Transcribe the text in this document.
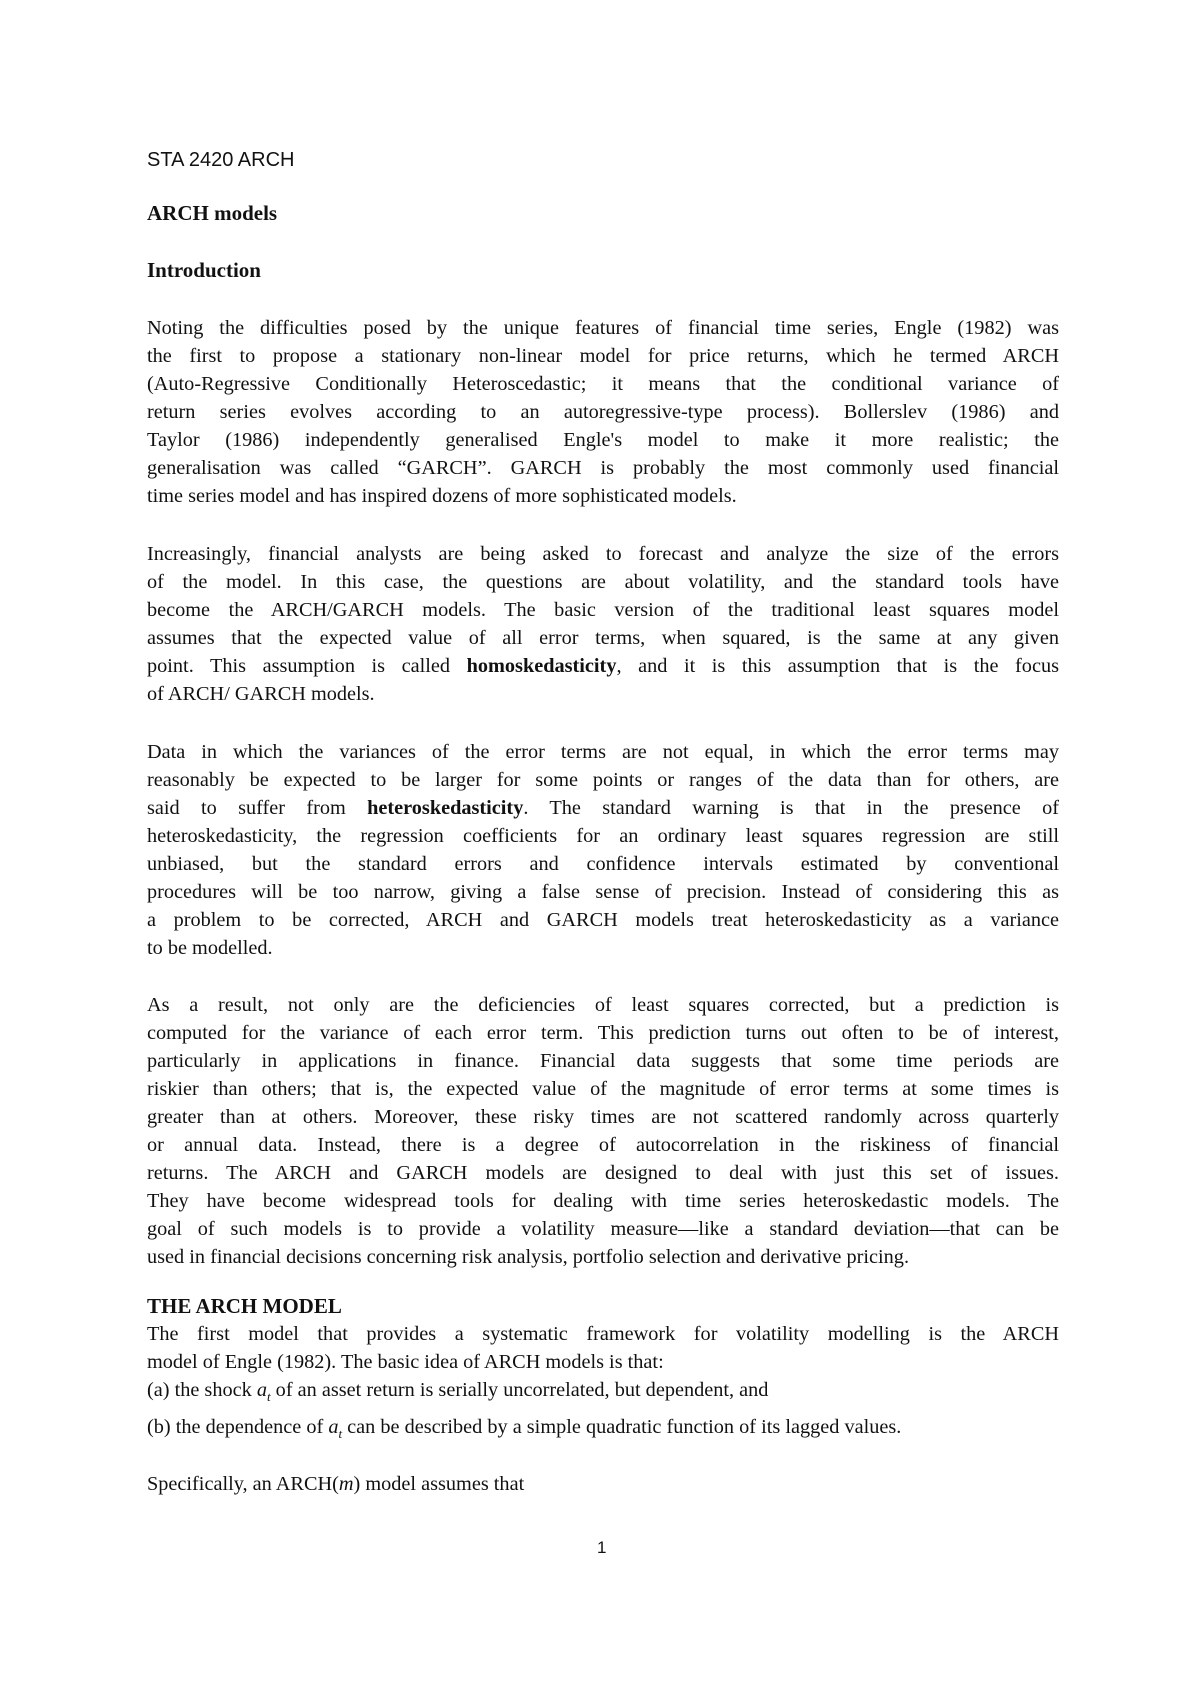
STA 2420 ARCH
ARCH models
Introduction
Noting the difficulties posed by the unique features of financial time series, Engle (1982) was
the first to propose a stationary non-linear model for price returns, which he termed ARCH
(Auto-Regressive Conditionally Heteroscedastic; it means that the conditional variance of
return series evolves according to an autoregressive-type process). Bollerslev (1986) and
Taylor (1986) independently generalised Engle's model to make it more realistic; the
generalisation was called “GARCH”. GARCH is probably the most commonly used financial
time series model and has inspired dozens of more sophisticated models.
Increasingly, financial analysts are being asked to forecast and analyze the size of the errors
of the model. In this case, the questions are about volatility, and the standard tools have
become the ARCH/GARCH models. The basic version of the traditional least squares model
assumes that the expected value of all error terms, when squared, is the same at any given
point. This assumption is called homoskedasticity, and it is this assumption that is the focus
of ARCH/ GARCH models.
Data in which the variances of the error terms are not equal, in which the error terms may
reasonably be expected to be larger for some points or ranges of the data than for others, are
said to suffer from heteroskedasticity. The standard warning is that in the presence of
heteroskedasticity, the regression coefficients for an ordinary least squares regression are still
unbiased, but the standard errors and confidence intervals estimated by conventional
procedures will be too narrow, giving a false sense of precision. Instead of considering this as
a problem to be corrected, ARCH and GARCH models treat heteroskedasticity as a variance
to be modelled.
As a result, not only are the deficiencies of least squares corrected, but a prediction is
computed for the variance of each error term. This prediction turns out often to be of interest,
particularly in applications in finance. Financial data suggests that some time periods are
riskier than others; that is, the expected value of the magnitude of error terms at some times is
greater than at others. Moreover, these risky times are not scattered randomly across quarterly
or annual data. Instead, there is a degree of autocorrelation in the riskiness of financial
returns. The ARCH and GARCH models are designed to deal with just this set of issues.
They have become widespread tools for dealing with time series heteroskedastic models. The
goal of such models is to provide a volatility measure—like a standard deviation—that can be
used in financial decisions concerning risk analysis, portfolio selection and derivative pricing.
THE ARCH MODEL
The first model that provides a systematic framework for volatility modelling is the ARCH
model of Engle (1982). The basic idea of ARCH models is that:
(a) the shock $a_t$ of an asset return is serially uncorrelated, but dependent, and
(b) the dependence of $a_t$ can be described by a simple quadratic function of its lagged values.
Specifically, an ARCH(m) model assumes that
1
